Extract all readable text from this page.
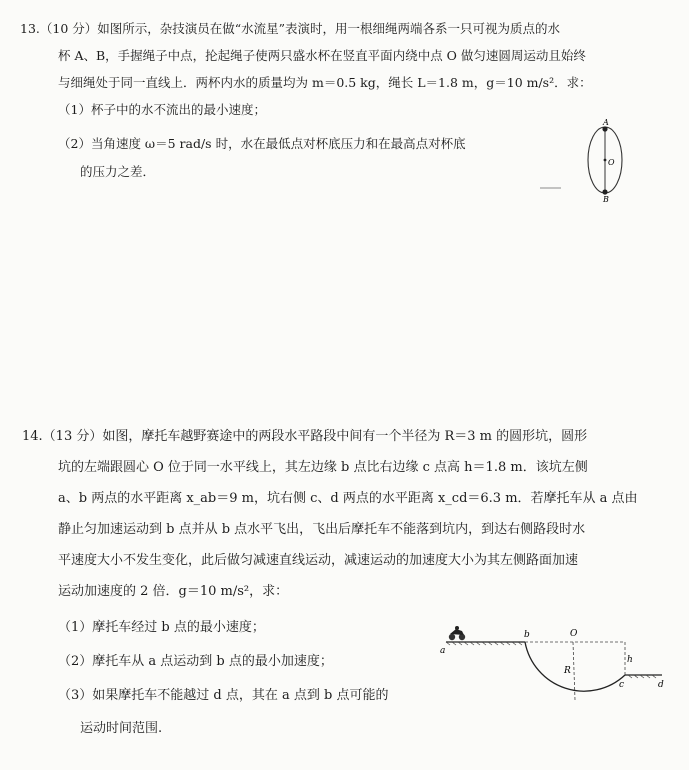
13.（10 分）如图所示，杂技演员在做“水流星”表演时，用一根细绳两端各系一只可视为质点的水
杯 A、B，手握绳子中点，抡起绳子使两只盛水杯在竖直平面内绕中点 O 做匀速圆周运动且始终
与细绳处于同一直线上．两杯内水的质量均为 m＝0.5 kg，绳长 L＝1.8 m，g＝10 m/s²．求：
（1）杯子中的水不流出的最小速度；
（2）当角速度 ω＝5 rad/s 时，水在最低点对杯底压力和在最高点对杯底
的压力之差．
A
O
B
14.（13 分）如图，摩托车越野赛途中的两段水平路段中间有一个半径为 R＝3 m 的圆形坑，圆形
坑的左端跟圆心 O 位于同一水平线上，其左边缘 b 点比右边缘 c 点高 h＝1.8 m．该坑左侧
a、b 两点的水平距离 x_ab＝9 m，坑右侧 c、d 两点的水平距离 x_cd＝6.3 m．若摩托车从 a 点由
静止匀加速运动到 b 点并从 b 点水平飞出，飞出后摩托车不能落到坑内，到达右侧路段时水
平速度大小不发生变化，此后做匀减速直线运动，减速运动的加速度大小为其左侧路面加速
运动加速度的 2 倍．g＝10 m/s²，求：
（1）摩托车经过 b 点的最小速度；
（2）摩托车从 a 点运动到 b 点的最小加速度；
（3）如果摩托车不能越过 d 点，其在 a 点到 b 点可能的
运动时间范围.
a
b	O
R
h
c	d
